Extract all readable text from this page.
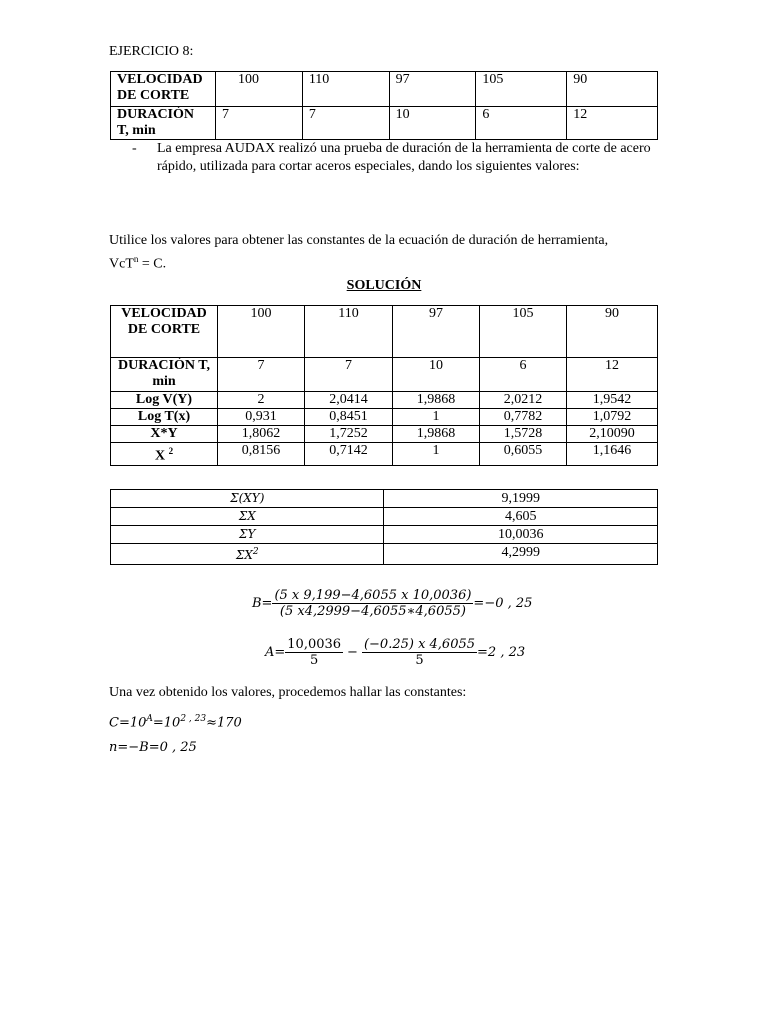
EJERCICIO 8:
VELOCIDAD DE CORTE	100	110	97	105	90
DURACIÓN T, min	7	7	10	6	12
- La empresa AUDAX realizó una prueba de duración de la herramienta de corte de acero rápido, utilizada para cortar aceros especiales, dando los siguientes valores:

Utilice los valores para obtener las constantes de la ecuación de duración de herramienta, VcT$^n$ = C.

SOLUCIÓN
VELOCIDAD DE CORTE	100	110	97	105	90
DURACIÓN T, min	7	7	10	6	12
Log V(Y)	2	2,0414	1,9868	2,0212	1,9542
Log T(x)	0,931	0,8451	1	0,7782	1,0792
X*Y	1,8062	1,7252	1,9868	1,5728	2,10090
X $^2$	0,8156	0,7142	1	0,6055	1,1646
Σ(XY)	9,1999
ΣX	4,605
ΣY	10,0036
$\Sigma X^2$	4,2999
$B= \frac{(5 x 9,199-4,6055 x 10,0036)}{(5 x4,2999-4,6055∗4,6055)} =-0$ , 25
$A= \frac{10,0036}{5} - \frac{(-0.25) x 4,6055}{5} =2$ , 23

Una vez obtenido los valores, procedemos hallar las constantes:

$C=10^A=10^{2 , 23}\approx 170$
n=−B=0 , 25
